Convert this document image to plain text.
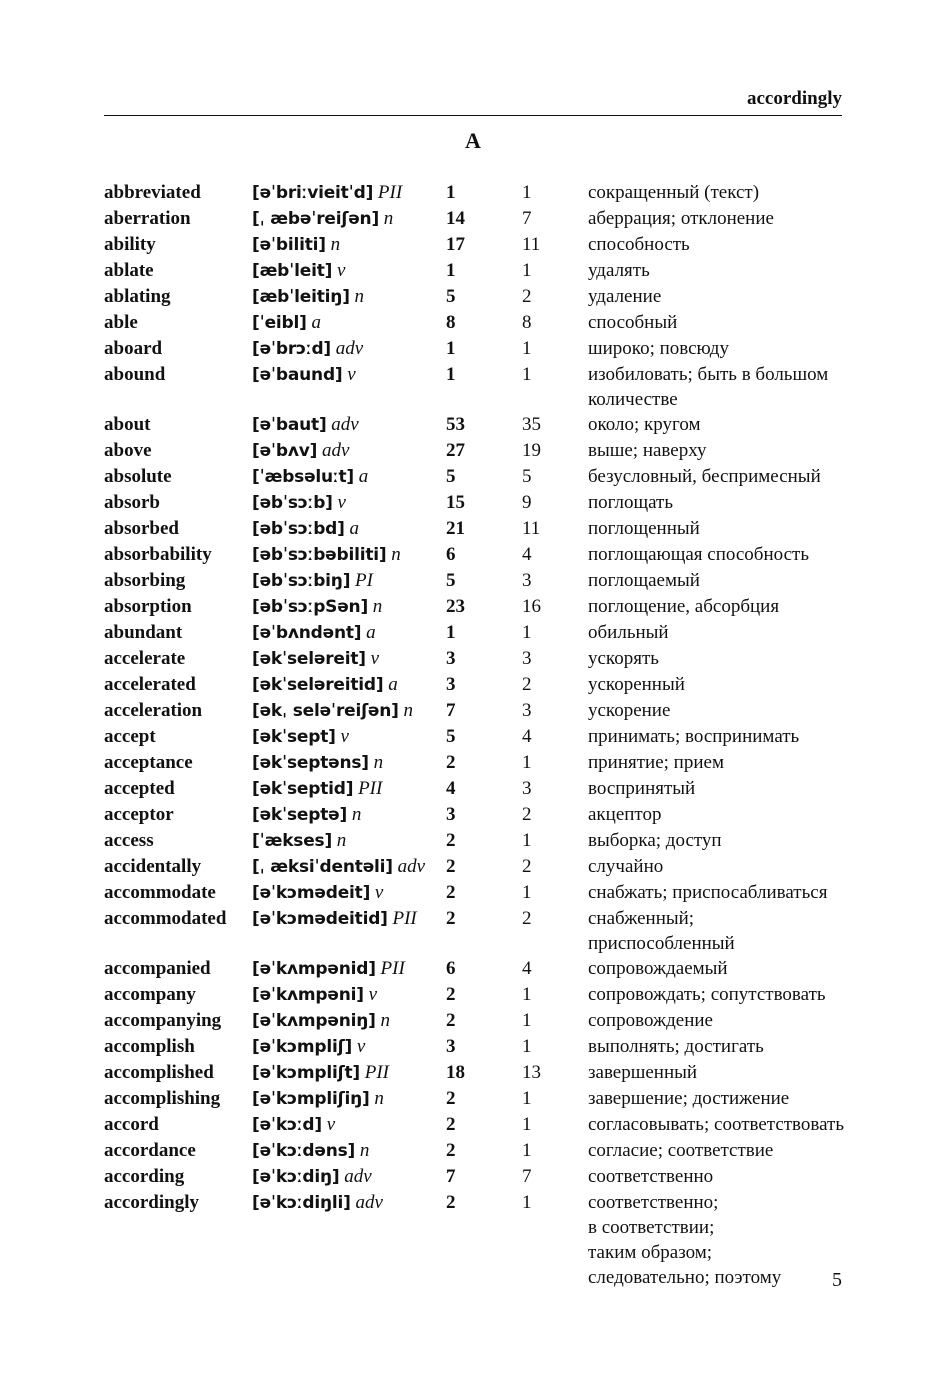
accordingly
A
abbreviated	[əˈbriːvieitˈd] PII	1	1	сокращенный (текст)
aberration	[ˌ æbəˈreiʃən] n	14	7	аберрация; отклонение
ability	[əˈbiliti] n	17	11	способность
ablate	[æbˈleit] v	1	1	удалять
ablating	[æbˈleitiŋ] n	5	2	удаление
able	[ˈeibl] a	8	8	способный
aboard	[əˈbrɔːd] adv	1	1	широко; повсюду
abound	[əˈbaund] v	1	1	изобиловать; быть в большом
количестве
about	[əˈbaut] adv	53	35	около; кругом
above	[əˈbʌv] adv	27	19	выше; наверху
absolute	[ˈæbsəluːt] a	5	5	безусловный, беспримесный
absorb	[əbˈsɔːb] v	15	9	поглощать
absorbed	[əbˈsɔːbd] a	21	11	поглощенный
absorbability	[əbˈsɔːbəbiliti] n	6	4	поглощающая способность
absorbing	[əbˈsɔːbiŋ] PI	5	3	поглощаемый
absorption	[əbˈsɔːpSən] n	23	16	поглощение, абсорбция
abundant	[əˈbʌndənt] a	1	1	обильный
accelerate	[əkˈseləreit] v	3	3	ускорять
accelerated	[əkˈseləreitid] a	3	2	ускоренный
acceleration	[əkˌ seləˈreiʃən] n	7	3	ускорение
accept	[əkˈsept] v	5	4	принимать; воспринимать
acceptance	[əkˈseptəns] n	2	1	принятие; прием
accepted	[əkˈseptid] PII	4	3	воспринятый
acceptor	[əkˈseptə] n	3	2	акцептор
access	[ˈækses] n	2	1	выборка; доступ
accidentally	[ˌ æksiˈdentəli] adv	2	2	случайно
accommodate	[əˈkɔmədeit] v	2	1	снабжать; приспосабливаться
accommodated	[əˈkɔmədeitid] PII	2	2	снабженный;
приспособленный
accompanied	[əˈkʌmpənid] PII	6	4	сопровождаемый
accompany	[əˈkʌmpəni] v	2	1	сопровождать; сопутствовать
accompanying	[əˈkʌmpəniŋ] n	2	1	сопровождение
accomplish	[əˈkɔmpliʃ] v	3	1	выполнять; достигать
accomplished	[əˈkɔmpliʃt] PII	18	13	завершенный
accomplishing	[əˈkɔmpliʃiŋ] n	2	1	завершение; достижение
accord	[əˈkɔːd] v	2	1	согласовывать; соответствовать
accordance	[əˈkɔːdəns] n	2	1	согласие; соответствие
according	[əˈkɔːdiŋ] adv	7	7	соответственно
accordingly	[əˈkɔːdiŋli] adv	2	1	соответственно;
в соответствии;
таким образом;
следовательно; поэтому	5
